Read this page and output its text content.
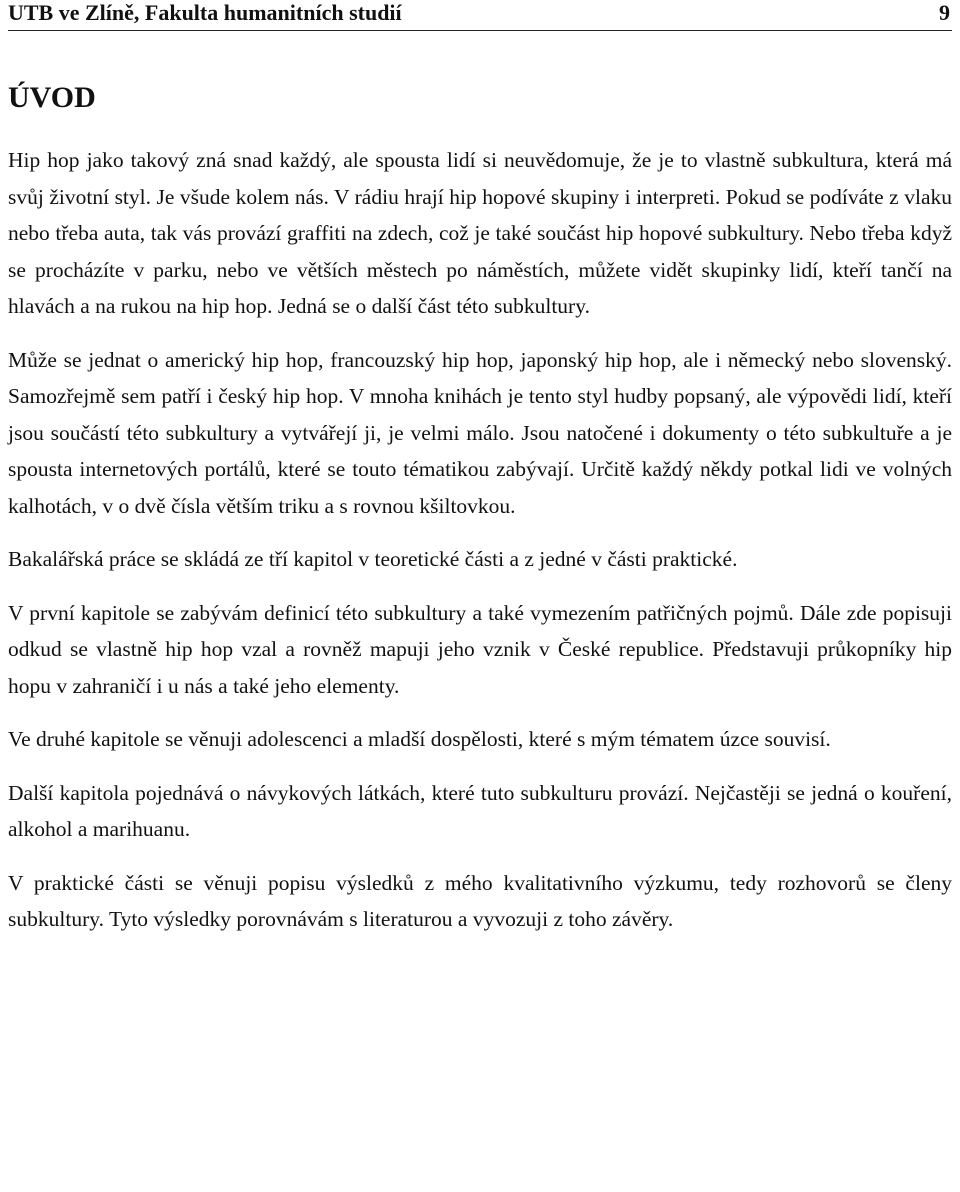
UTB ve Zlíně, Fakulta humanitních studií	9
ÚVOD

Hip hop jako takový zná snad každý, ale spousta lidí si neuvědomuje, že je to vlastně subkultura, která má svůj životní styl. Je všude kolem nás. V rádiu hrají hip hopové skupiny i interpreti. Pokud se podíváte z vlaku nebo třeba auta, tak vás provází graffiti na zdech, což je také součást hip hopové subkultury. Nebo třeba když se procházíte v parku, nebo ve větších městech po náměstích, můžete vidět skupinky lidí, kteří tančí na hlavách a na rukou na hip hop. Jedná se o další část této subkultury.

Může se jednat o americký hip hop, francouzský hip hop, japonský hip hop, ale i německý nebo slovenský. Samozřejmě sem patří i český hip hop. V mnoha knihách je tento styl hudby popsaný, ale výpovědi lidí, kteří jsou součástí této subkultury a vytvářejí ji, je velmi málo. Jsou natočené i dokumenty o této subkultuře a je spousta internetových portálů, které se touto tématikou zabývají. Určitě každý někdy potkal lidi ve volných kalhotách, v o dvě čísla větším triku a s rovnou kšiltovkou.

Bakalářská práce se skládá ze tří kapitol v teoretické části a z jedné v části praktické.

V první kapitole se zabývám definicí této subkultury a také vymezením patřičných pojmů. Dále zde popisuji odkud se vlastně hip hop vzal a rovněž mapuji jeho vznik v České republice. Představuji průkopníky hip hopu v zahraničí i u nás a také jeho elementy.

Ve druhé kapitole se věnuji adolescenci a mladší dospělosti, které s mým tématem úzce souvisí.

Další kapitola pojednává o návykových látkách, které tuto subkulturu provází. Nejčastěji se jedná o kouření, alkohol a marihuanu.

V praktické části se věnuji popisu výsledků z mého kvalitativního výzkumu, tedy rozhovorů se členy subkultury. Tyto výsledky porovnávám s literaturou a vyvozuji z toho závěry.
